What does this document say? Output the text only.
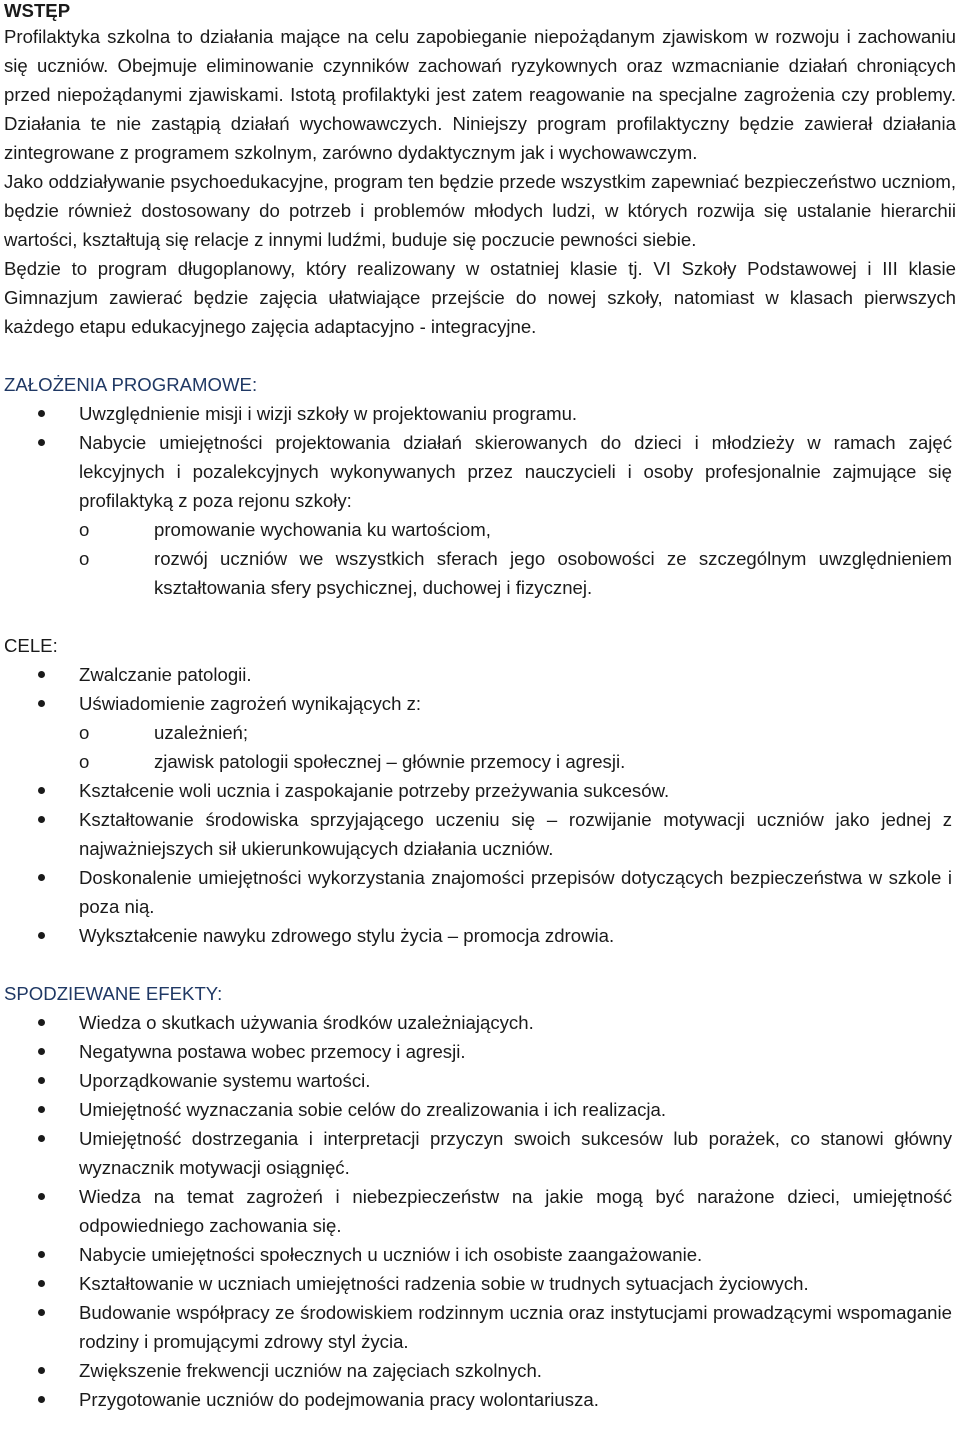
WSTĘP

Profilaktyka szkolna to działania mające na celu zapobieganie niepożądanym zjawiskom w rozwoju i zachowaniu się uczniów. Obejmuje eliminowanie czynników zachowań ryzykownych oraz wzmacnianie działań chroniących przed niepożądanymi zjawiskami. Istotą profilaktyki jest zatem reagowanie na specjalne zagrożenia czy problemy. Działania te nie zastąpią działań wychowawczych. Niniejszy program profilaktyczny będzie zawierał działania zintegrowane z programem szkolnym, zarówno dydaktycznym jak i wychowawczym.

Jako oddziaływanie psychoedukacyjne, program ten będzie przede wszystkim zapewniać bezpieczeństwo uczniom, będzie również dostosowany do potrzeb i problemów młodych ludzi, w których rozwija się ustalanie hierarchii wartości, kształtują się relacje z innymi ludźmi, buduje się poczucie pewności siebie.

Będzie to program długoplanowy, który realizowany w ostatniej klasie tj. VI Szkoły Podstawowej i III klasie Gimnazjum zawierać będzie zajęcia ułatwiające przejście do nowej szkoły, natomiast w klasach pierwszych każdego etapu edukacyjnego zajęcia adaptacyjno - integracyjne.

ZAŁOŻENIA PROGRAMOWE:
Uwzględnienie misji i wizji szkoły w projektowaniu programu.
Nabycie umiejętności projektowania działań skierowanych do dzieci i młodzieży w ramach zajęć lekcyjnych i pozalekcyjnych wykonywanych przez nauczycieli i osoby profesjonalnie zajmujące się profilaktyką z poza rejonu szkoły:
o promowanie wychowania ku wartościom,
o rozwój uczniów we wszystkich sferach jego osobowości ze szczególnym uwzględnieniem kształtowania sfery psychicznej, duchowej i fizycznej.
CELE:
Zwalczanie patologii.
Uświadomienie zagrożeń wynikających z:
o uzależnień;
o zjawisk patologii społecznej – głównie przemocy i agresji.
Kształcenie woli ucznia i zaspokajanie potrzeby przeżywania sukcesów.
Kształtowanie środowiska sprzyjającego uczeniu się – rozwijanie motywacji uczniów jako jednej z najważniejszych sił ukierunkowujących działania uczniów.
Doskonalenie umiejętności wykorzystania znajomości przepisów dotyczących bezpieczeństwa w szkole i poza nią.
Wykształcenie nawyku zdrowego stylu życia – promocja zdrowia.
SPODZIEWANE EFEKTY:
Wiedza o skutkach używania środków uzależniających.
Negatywna postawa wobec przemocy i agresji.
Uporządkowanie systemu wartości.
Umiejętność wyznaczania sobie celów do zrealizowania i ich realizacja.
Umiejętność dostrzegania i interpretacji przyczyn swoich sukcesów lub porażek, co stanowi główny wyznacznik motywacji osiągnięć.
Wiedza na temat zagrożeń i niebezpieczeństw na jakie mogą być narażone dzieci, umiejętność odpowiedniego zachowania się.
Nabycie umiejętności społecznych u uczniów i ich osobiste zaangażowanie.
Kształtowanie w uczniach umiejętności radzenia sobie w trudnych sytuacjach życiowych.
Budowanie współpracy ze środowiskiem rodzinnym ucznia oraz instytucjami prowadzącymi wspomaganie rodziny i promującymi zdrowy styl życia.
Zwiększenie frekwencji uczniów na zajęciach szkolnych.
Przygotowanie uczniów do podejmowania pracy wolontariusza.
